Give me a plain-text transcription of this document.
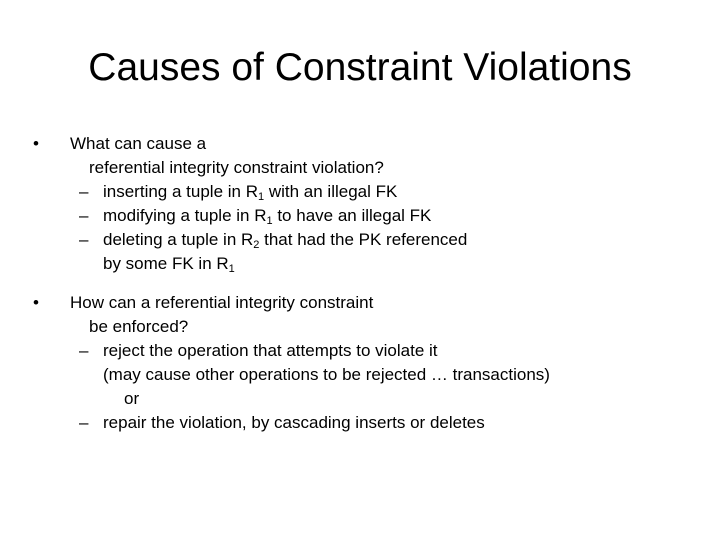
Causes of Constraint Violations
• What can cause a
referential integrity constraint violation?
– inserting a tuple in $R_1$ with an illegal FK
– modifying a tuple in $R_1$ to have an illegal FK
– deleting a tuple in $R_2$ that had the PK referenced
by some FK in $R_1$
• How can a referential integrity constraint
be enforced?
– reject the operation that attempts to violate it
(may cause other operations to be rejected … transactions)
or
– repair the violation, by cascading inserts or deletes
